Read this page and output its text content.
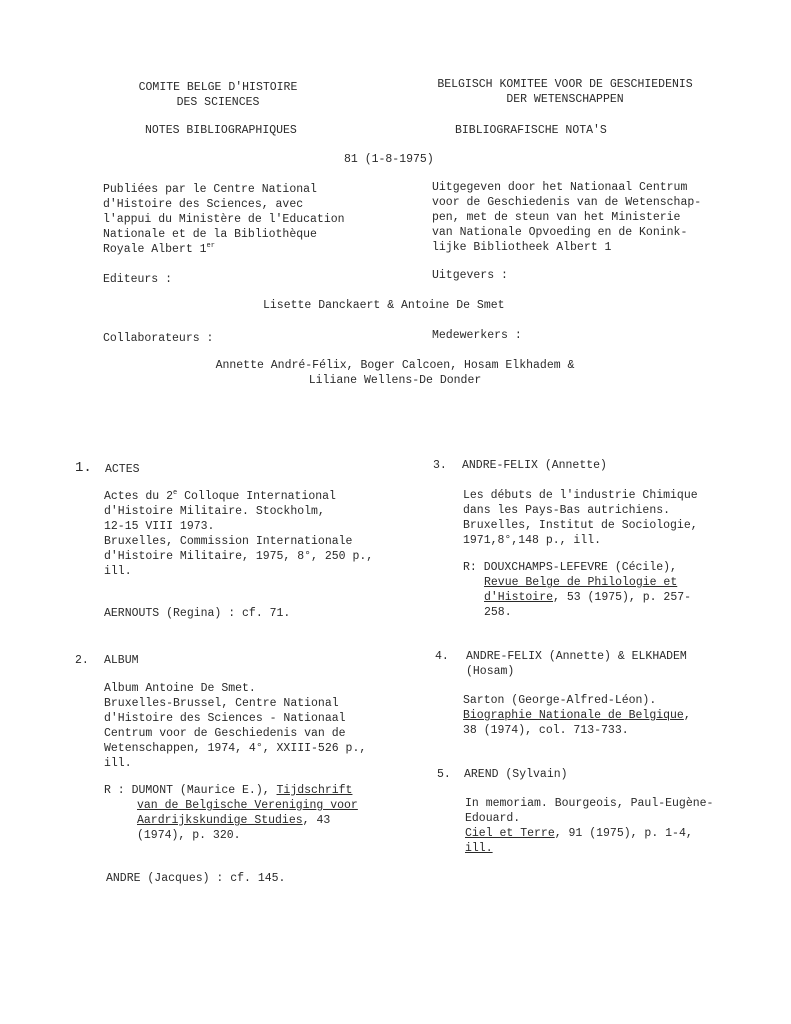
COMITE BELGE D'HISTOIRE
DES SCIENCES
BELGISCH KOMITEE VOOR DE GESCHIEDENIS
DER WETENSCHAPPEN
NOTES BIBLIOGRAPHIQUES	BIBLIOGRAFISCHE NOTA'S
81 (1-8-1975)
Publiées par le Centre National
d'Histoire des Sciences, avec
l'appui du Ministère de l'Education
Nationale et de la Bibliothèque
Royale Albert 1er
Uitgegeven door het Nationaal Centrum
voor de Geschiedenis van de Wetenschap-
pen, met de steun van het Ministerie
van Nationale Opvoeding en de Konink-
lijke Bibliotheek Albert 1
Editeurs :	Uitgevers :
Lisette Danckaert & Antoine De Smet
Collaborateurs :	Medewerkers :
Annette André-Félix, Boger Calcoen, Hosam Elkhadem &
Liliane Wellens-De Donder
1. ACTES
Actes du 2e Colloque International
d'Histoire Militaire. Stockholm,
12-15 VIII 1973.
Bruxelles, Commission Internationale
d'Histoire Militaire, 1975, 8°, 250 p.,
ill.
AERNOUTS (Regina) : cf. 71.
2. ALBUM
Album Antoine De Smet.
Bruxelles-Brussel, Centre National
d'Histoire des Sciences - Nationaal
Centrum voor de Geschiedenis van de
Wetenschappen, 1974, 4°, XXIII-526 p.,
ill.
R : DUMONT (Maurice E.), Tijdschrift
van de Belgische Vereniging voor
Aardrijkskundige Studies, 43
(1974), p. 320.
ANDRE (Jacques) : cf. 145.
3. ANDRE-FELIX (Annette)
Les débuts de l'industrie Chimique
dans les Pays-Bas autrichiens.
Bruxelles, Institut de Sociologie,
1971,8°,148 p., ill.
R: DOUXCHAMPS-LEFEVRE (Cécile),
Revue Belge de Philologie et
d'Histoire, 53 (1975), p. 257-
258.
4. ANDRE-FELIX (Annette) & ELKHADEM
(Hosam)
Sarton (George-Alfred-Léon).
Biographie Nationale de Belgique,
38 (1974), col. 713-733.
5. AREND (Sylvain)
In memoriam. Bourgeois, Paul-Eugène-
Edouard.
Ciel et Terre, 91 (1975), p. 1-4,
ill.
